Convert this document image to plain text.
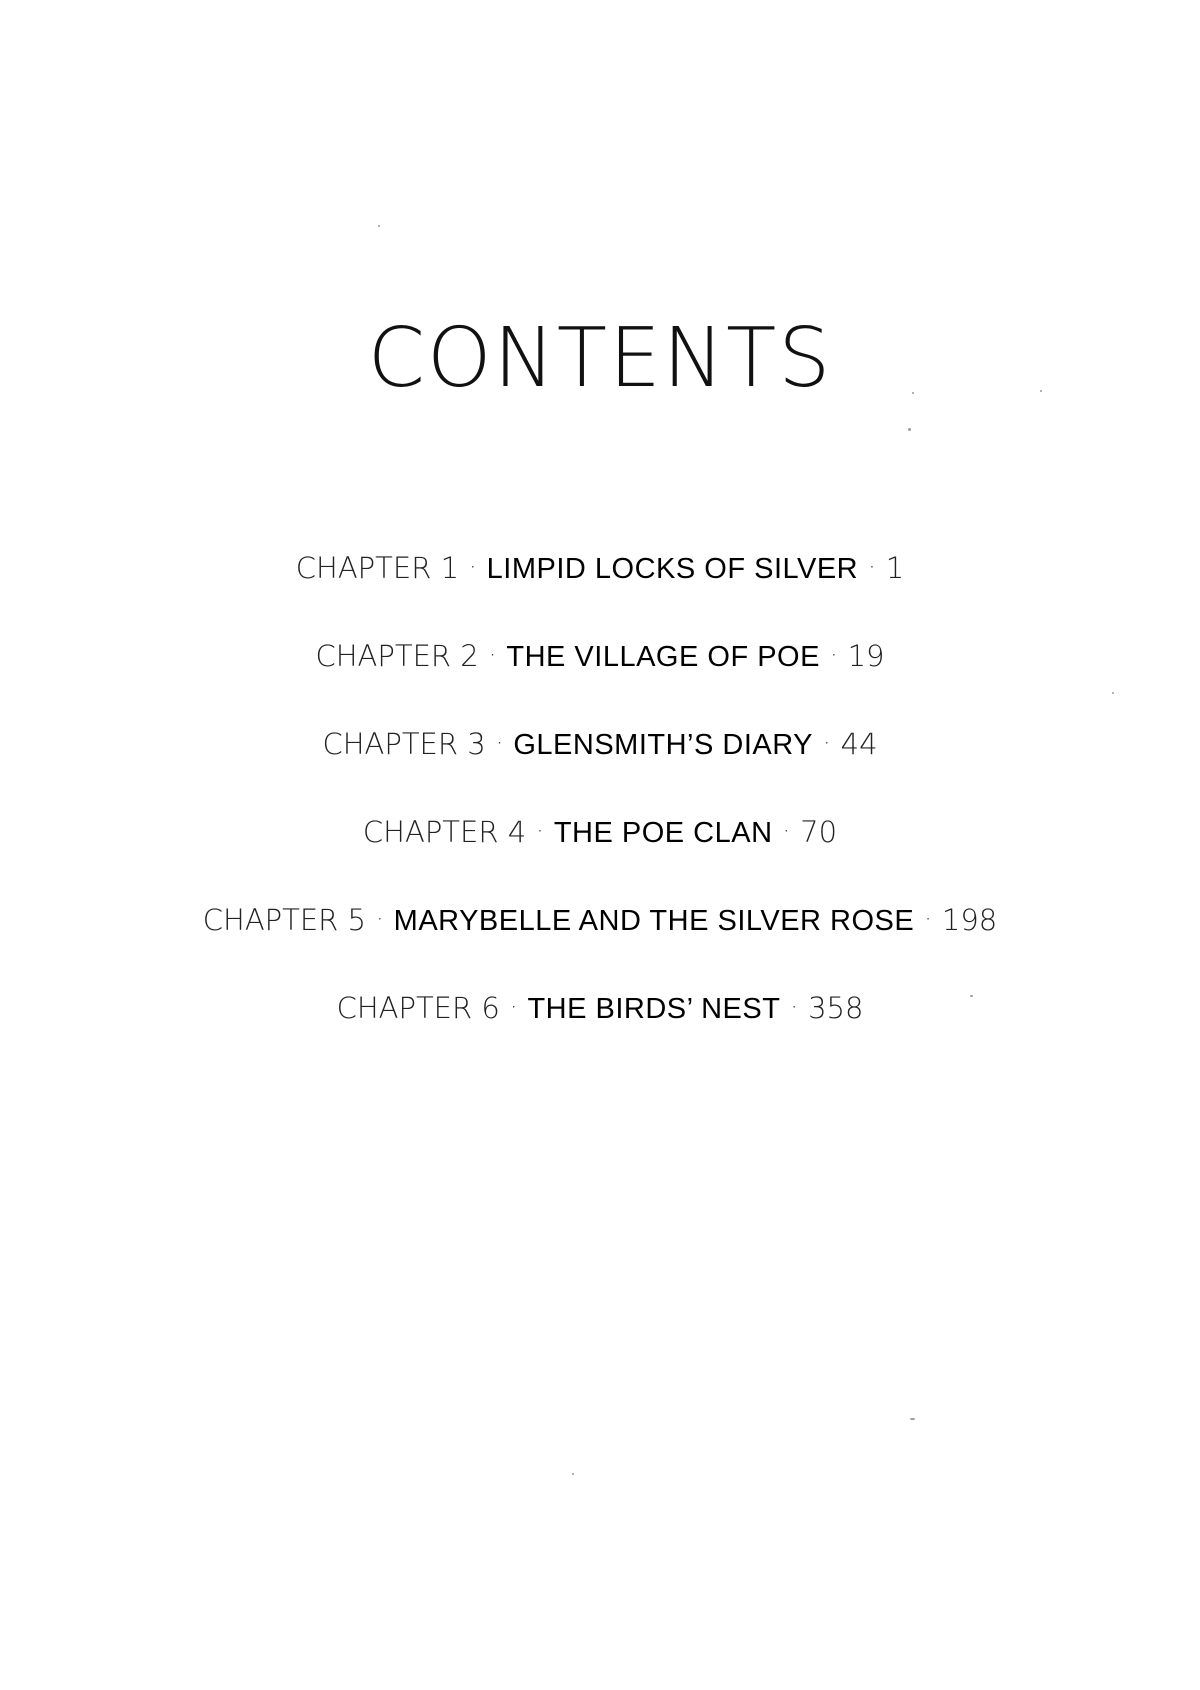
CONTENTS
CHAPTER 1 · LIMPID LOCKS OF SILVER · 1
CHAPTER 2 · THE VILLAGE OF POE · 19
CHAPTER 3 · GLENSMITH’S DIARY · 44
CHAPTER 4 · THE POE CLAN · 70
CHAPTER 5 · MARYBELLE AND THE SILVER ROSE · 198
CHAPTER 6 · THE BIRDS’ NEST · 358
